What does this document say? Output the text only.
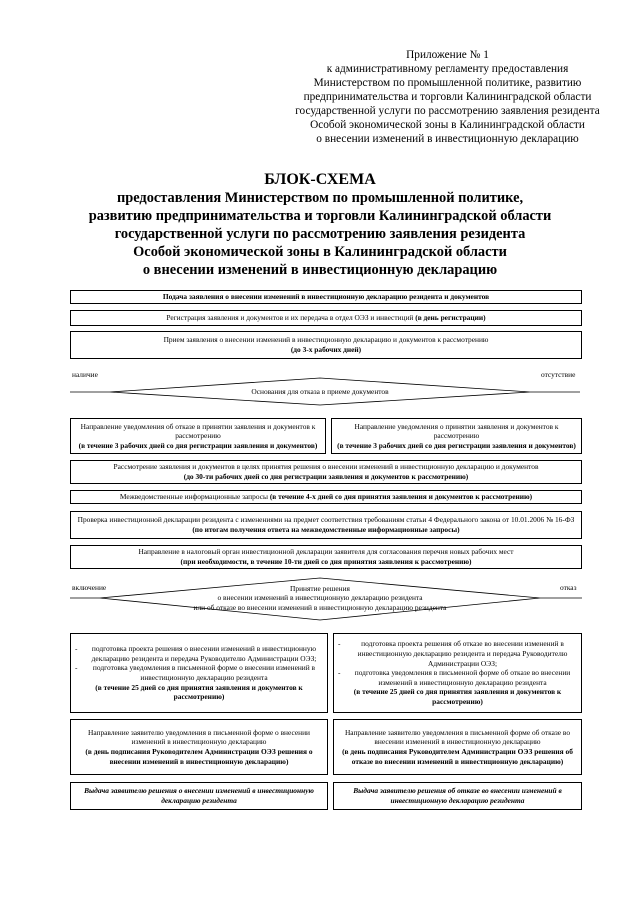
Приложение № 1
к административному регламенту предоставления
Министерством по промышленной политике, развитию
предпринимательства и торговли Калининградской области
государственной услуги по рассмотрению заявления резидента
Особой экономической зоны в Калининградской области
о внесении изменений в инвестиционную декларацию
БЛОК-СХЕМА
предоставления Министерством по промышленной политике,
развитию предпринимательства и торговли Калининградской области
государственной услуги по рассмотрению заявления резидента
Особой экономической зоны в Калининградской области
о внесении изменений в инвестиционную декларацию
Подача заявления о внесении изменений в инвестиционную декларацию резидента и документов
Регистрация заявления и документов и их передача в отдел ОЭЗ и инвестиций
(в день регистрации)
Прием заявления о внесении изменений в инвестиционную декларацию и документов к рассмотрению
(до 3-х рабочих дней)
наличие	отсутствие
Основания для отказа в приеме документов
Направление уведомления об отказе в принятии заявления и документов к рассмотрению
(в течение 3 рабочих дней со дня регистрации заявления и документов)
Направление уведомления о принятии заявления и документов к рассмотрению
(в течение 3 рабочих дней со дня регистрации заявления и документов)
Рассмотрение заявления и документов в целях принятия решения о внесении изменений в инвестиционную декларацию и документов
(до 30-ти рабочих дней со дня регистрации заявления и документов к рассмотрению)
Межведомственные информационные запросы
(в течение 4-х дней со дня принятия заявления и документов к рассмотрению)
Проверка инвестиционной декларации резидента с изменениями на предмет соответствия требованиям статьи 4 Федерального закона от 10.01.2006 № 16-ФЗ
(по итогам получения ответа на межведомственные информационные запросы)
Направление в налоговый орган инвестиционной декларации заявителя для согласования перечня новых рабочих мест
(при необходимости, в течение 10-ти дней со дня принятия заявления к рассмотрению)
включение	отказ
Принятие решения
о внесении изменений в инвестиционную декларацию резидента
или об отказе во внесении изменений в инвестиционную декларацию резидента
- подготовка проекта решения о внесении изменений в инвестиционную декларацию резидента и передача Руководителю Администрации ОЭЗ;
- подготовка уведомления в письменной форме о внесении изменений в инвестиционную декларацию резидента
(в течение 25 дней со дня принятия заявления и документов к рассмотрению)
- подготовка проекта решения об отказе во внесении изменений в инвестиционную декларацию резидента и передача Руководителю Администрации ОЭЗ;
- подготовка уведомления в письменной форме об отказе во внесении изменений в инвестиционную декларацию резидента
(в течение 25 дней со дня принятия заявления и документов к рассмотрению)
Направление заявителю уведомления в письменной форме о внесении изменений в инвестиционную декларацию
(в день подписания Руководителем Администрации ОЭЗ решения о внесении изменений в инвестиционную декларацию)
Направление заявителю уведомления в письменной форме об отказе во внесении изменений в инвестиционную декларацию
(в день подписания Руководителем Администрации ОЭЗ решения об отказе во внесении изменений в инвестиционную декларацию)
Выдача заявителю решения о внесении изменений в инвестиционную декларацию резидента
Выдача заявителю решения об отказе во внесении изменений в инвестиционную декларацию резидента
